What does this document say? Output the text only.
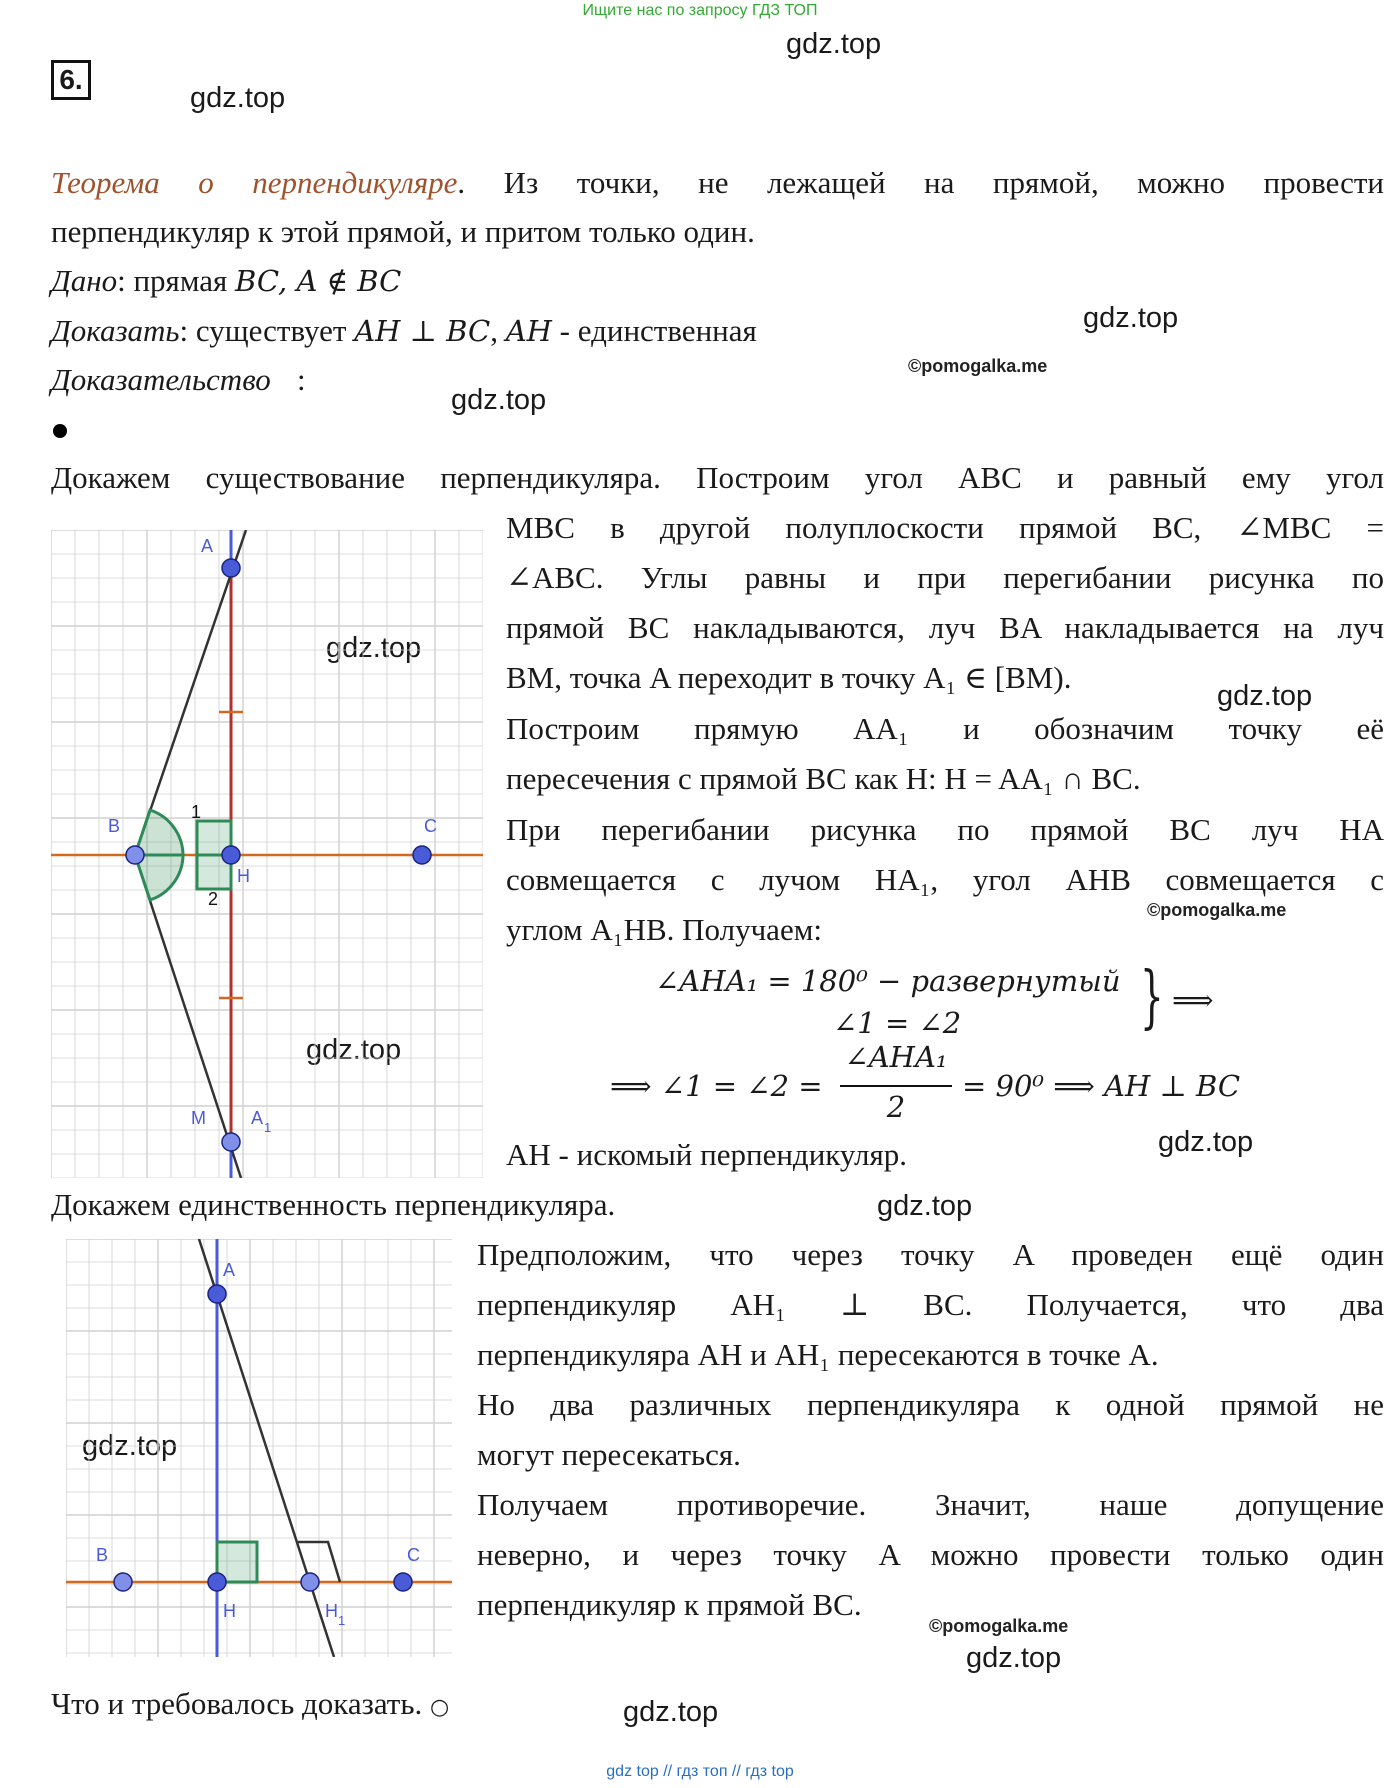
Ищите нас по запросу ГДЗ ТОП
6.
gdz.top
gdz.top
gdz.top
©pomogalka.me
gdz.top
gdz.top
gdz.top
©pomogalka.me
gdz.top
gdz.top
gdz.top
gdz.top
©pomogalka.me
gdz.top
gdz.top
Теорема о перпендикуляре. Из точки, не лежащей на прямой, можно провести
перпендикуляр к этой прямой, и притом только один.
Дано: прямая BC, A ∉ BC
Доказать: существует AH ⊥ BC, AH - единственная
Доказательство :
Докажем существование перпендикуляра. Построим угол ABC и равный ему угол
MBC в другой полуплоскости прямой BC, ∠MBC =
∠ABC. Углы равны и при перегибании рисунка по
прямой BC накладываются, луч BA накладывается на луч
BM, точка A переходит в точку A₁ ∈ [BM).
Построим прямую AA₁ и обозначим точку её
пересечения с прямой BC как H: H = AA₁ ∩ BC.
При перегибании рисунка по прямой BC луч HA
совмещается с лучом HA₁, угол AHB совмещается с
углом A₁HB. Получаем:
∠AHA₁ = 180⁰ − развернутый
∠1 = ∠2	} ⟹
⟹ ∠1 = ∠2 =
∠AHA₁
2
= 90⁰ ⟹ AH ⊥ BC
AH - искомый перпендикуляр.
Докажем единственность перпендикуляра.
Предположим, что через точку A проведен ещё один
перпендикуляр AH₁ ⊥ BC. Получается, что два
перпендикуляра AH и AH₁ пересекаются в точке A.
Но два различных перпендикуляра к одной прямой не
могут пересекаться.
Получаем противоречие. Значит, наше допущение
неверно, и через точку A можно провести только один
перпендикуляр к прямой BC.
Что и требовалось доказать. ○
A
B	C
H
M	A 1
1
2
A
B	C
H	H 1
gdz top // гдз топ // гдз top
